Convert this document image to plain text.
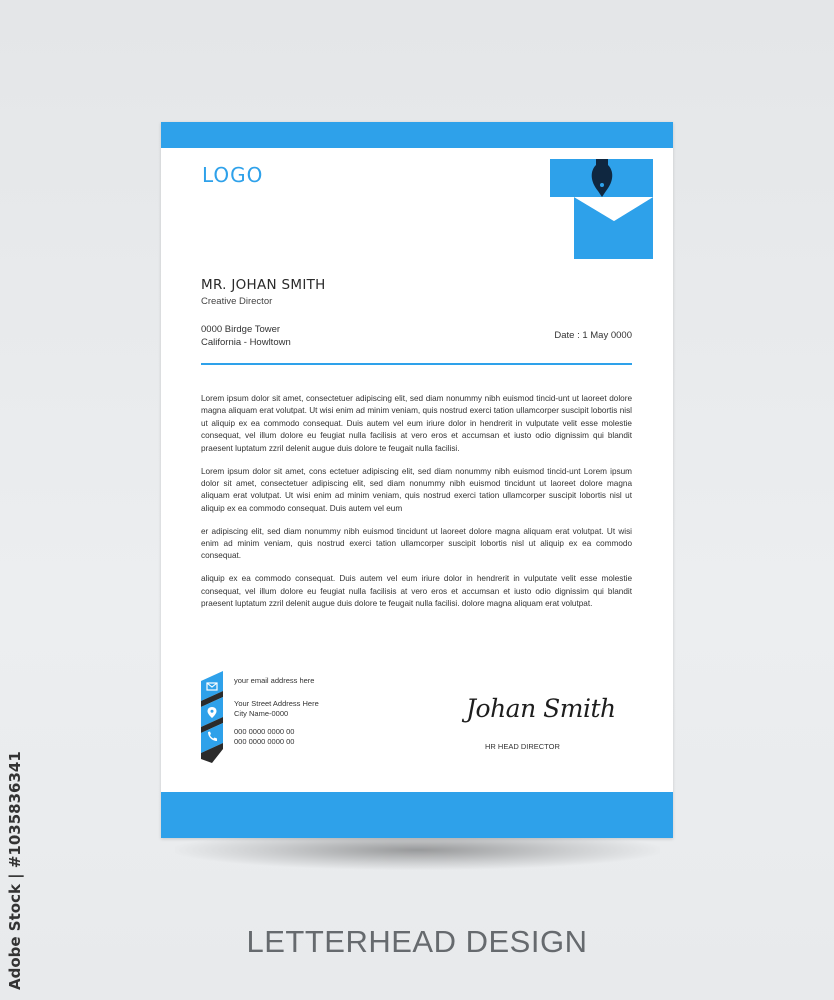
LOGO
MR. JOHAN SMITH
Creative Director
0000 Birdge Tower
California - Howltown
Date : 1 May 0000

Lorem ipsum dolor sit amet, consectetuer adipiscing elit, sed diam nonummy nibh euismod tincid-unt ut laoreet dolore magna aliquam erat volutpat. Ut wisi enim ad minim veniam, quis nostrud exerci tation ullamcorper suscipit lobortis nisl ut aliquip ex ea commodo consequat. Duis autem vel eum iriure dolor in hendrerit in vulputate velit esse molestie consequat, vel illum dolore eu feugiat nulla facilisis at vero eros et accumsan et iusto odio dignissim qui blandit praesent luptatum zzril delenit augue duis dolore te feugait nulla facilisi.

Lorem ipsum dolor sit amet, cons ectetuer adipiscing elit, sed diam nonummy nibh euismod tincid-unt Lorem ipsum dolor sit amet, consectetuer adipiscing elit, sed diam nonummy nibh euismod tincidunt ut laoreet dolore magna aliquam erat volutpat. Ut wisi enim ad minim veniam, quis nostrud exerci tation ullamcorper suscipit lobortis nisl ut aliquip ex ea commodo consequat. Duis autem vel eum

er adipiscing elit, sed diam nonummy nibh euismod tincidunt ut laoreet dolore magna aliquam erat volutpat. Ut wisi enim ad minim veniam, quis nostrud exerci tation ullamcorper suscipit lobortis nisl ut aliquip ex ea commodo consequat.

aliquip ex ea commodo consequat. Duis autem vel eum iriure dolor in hendrerit in vulputate velit esse molestie consequat, vel illum dolore eu feugiat nulla facilisis at vero eros et accumsan et iusto odio dignissim qui blandit praesent luptatum zzril delenit augue duis dolore te feugait nulla facilisi. dolore magna aliquam erat volutpat.

your email address here
Your Street Address Here
City Name-0000
000 0000 0000 00
000 0000 0000 00
Johan Smith
HR HEAD DIRECTOR
LETTERHEAD DESIGN
Adobe Stock | #1035836341
